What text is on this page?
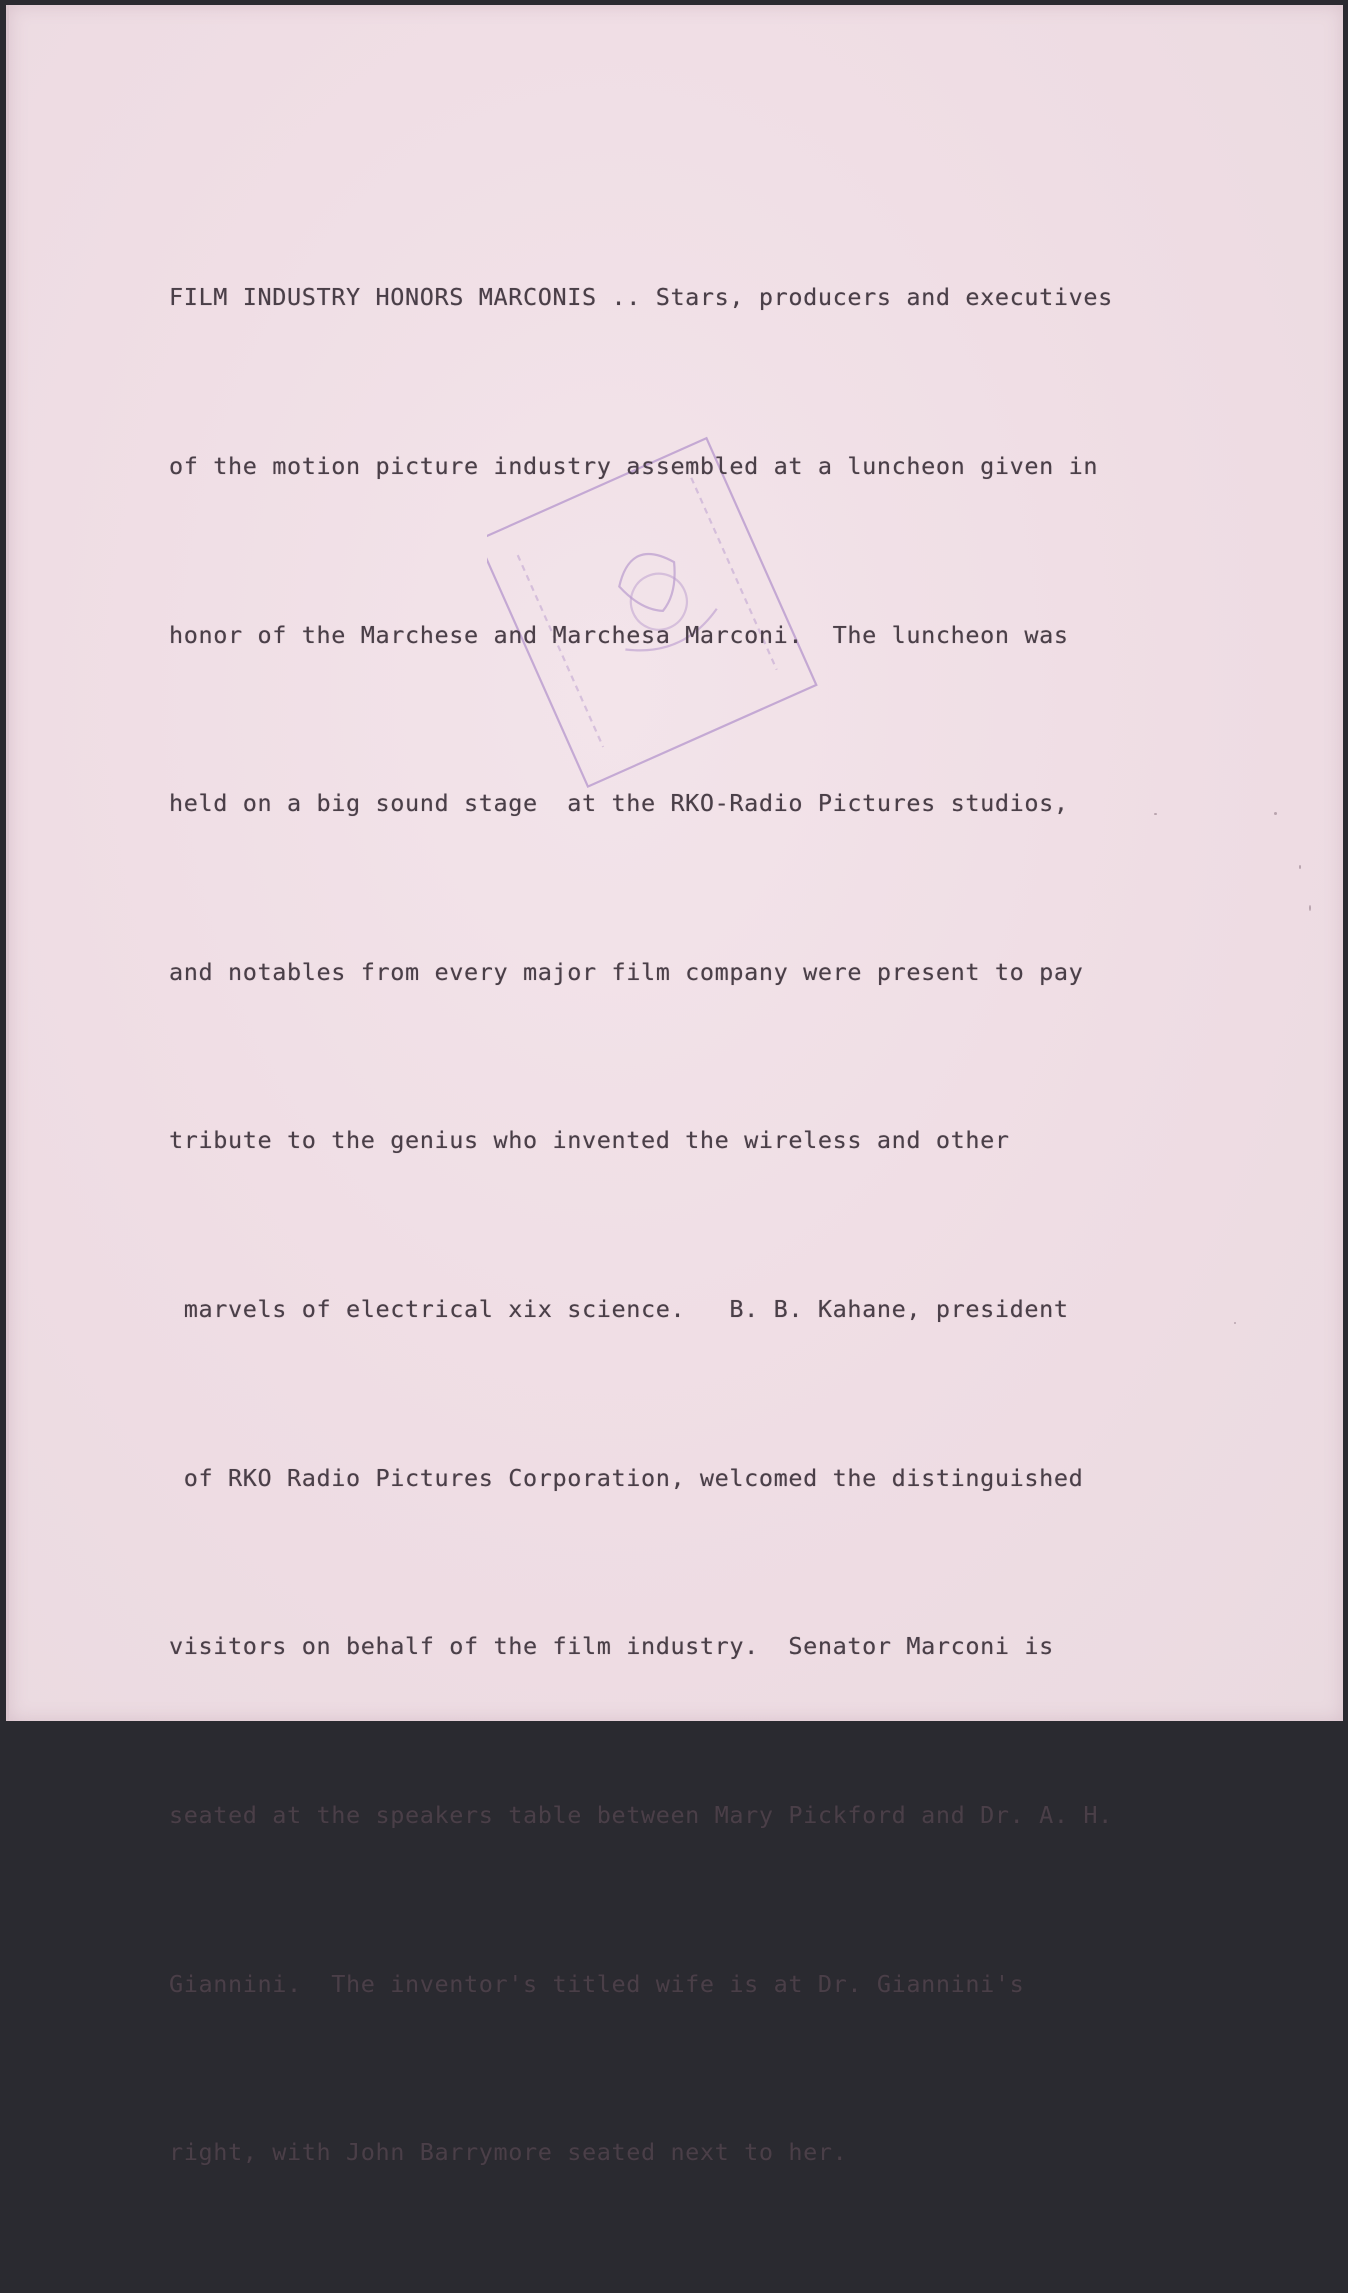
FILM INDUSTRY HONORS MARCONIS .. Stars, producers and executives

of the motion picture industry assembled at a luncheon given in

honor of the Marchese and Marchesa Marconi.  The luncheon was

held on a big sound stage  at the RKO-Radio Pictures studios,

and notables from every major film company were present to pay

tribute to the genius who invented the wireless and other

marvels of electrical xix science.   B. B. Kahane, president

of RKO Radio Pictures Corporation, welcomed the distinguished

visitors on behalf of the film industry.  Senator Marconi is

seated at the speakers table between Mary Pickford and Dr. A. H.

Giannini.  The inventor's titled wife is at Dr. Giannini's

right, with John Barrymore seated next to her.
